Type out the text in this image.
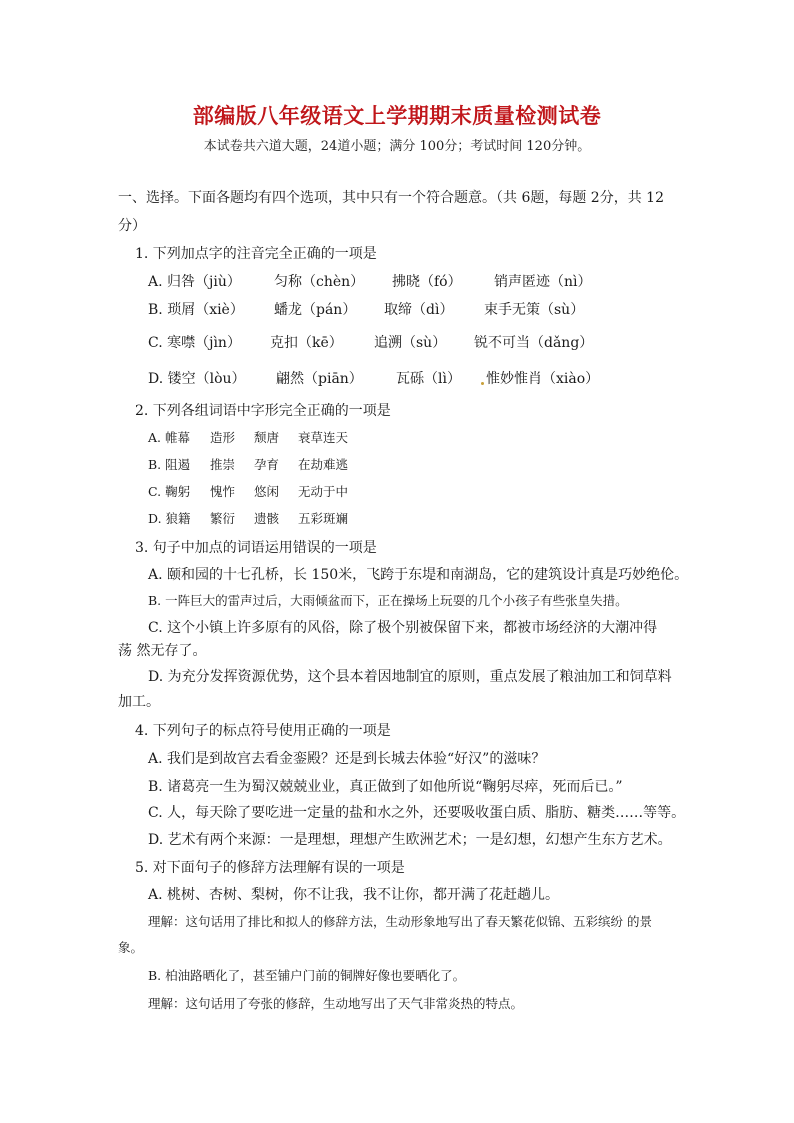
部编版八年级语文上学期期末质量检测试卷
本试卷共六道大题，24道小题；满分 100分；考试时间 120分钟。
一、选择。下面各题均有四个选项，其中只有一个符合题意。（共 6题，每题 2分，共 12
分）
1. 下列加点字的注音完全正确的一项是
A. 归咎（jiù） 匀称（chèn） 拂晓（fó） 销声匿迹（nì）
B. 琐屑（xiè） 蟠龙（pán） 取缔（dì） 束手无策（sù）
C. 寒噤（jìn） 克扣（kē） 追溯（sù） 锐不可当（dǎng）
D. 镂空（lòu） 翩然（piān） 瓦砾（lì） 惟妙惟肖（xiào）
2. 下列各组词语中字形完全正确的一项是
A. 帷幕 造形 颓唐 衰草连天
B. 阻遏 推崇 孕育 在劫难逃
C. 鞠躬 愧怍 悠闲 无动于中
D. 狼籍 繁衍 遗骸 五彩斑斓
3. 句子中加点的词语运用错误的一项是
A. 颐和园的十七孔桥，长 150米，飞跨于东堤和南湖岛，它的建筑设计真是巧妙绝伦。
B. 一阵巨大的雷声过后，大雨倾盆而下，正在操场上玩耍的几个小孩子有些张皇失措。
C. 这个小镇上许多原有的风俗，除了极个别被保留下来，都被市场经济的大潮冲得
荡 然无存了。
D. 为充分发挥资源优势，这个县本着因地制宜的原则，重点发展了粮油加工和饲草料
加工。
4. 下列句子的标点符号使用正确的一项是
A. 我们是到故宫去看金銮殿？还是到长城去体验“好汉”的滋味？
B. 诸葛亮一生为蜀汉兢兢业业，真正做到了如他所说“鞠躬尽瘁，死而后已。”
C. 人，每天除了要吃进一定量的盐和水之外，还要吸收蛋白质、脂肪、糖类……等等。
D. 艺术有两个来源：一是理想，理想产生欧洲艺术；一是幻想，幻想产生东方艺术。
5. 对下面句子的修辞方法理解有误的一项是
A. 桃树、杏树、梨树，你不让我，我不让你，都开满了花赶趟儿。
理解：这句话用了排比和拟人的修辞方法，生动形象地写出了春天繁花似锦、五彩缤纷 的景
象。
B. 柏油路晒化了，甚至铺户门前的铜牌好像也要晒化了。
理解：这句话用了夸张的修辞，生动地写出了天气非常炎热的特点。
